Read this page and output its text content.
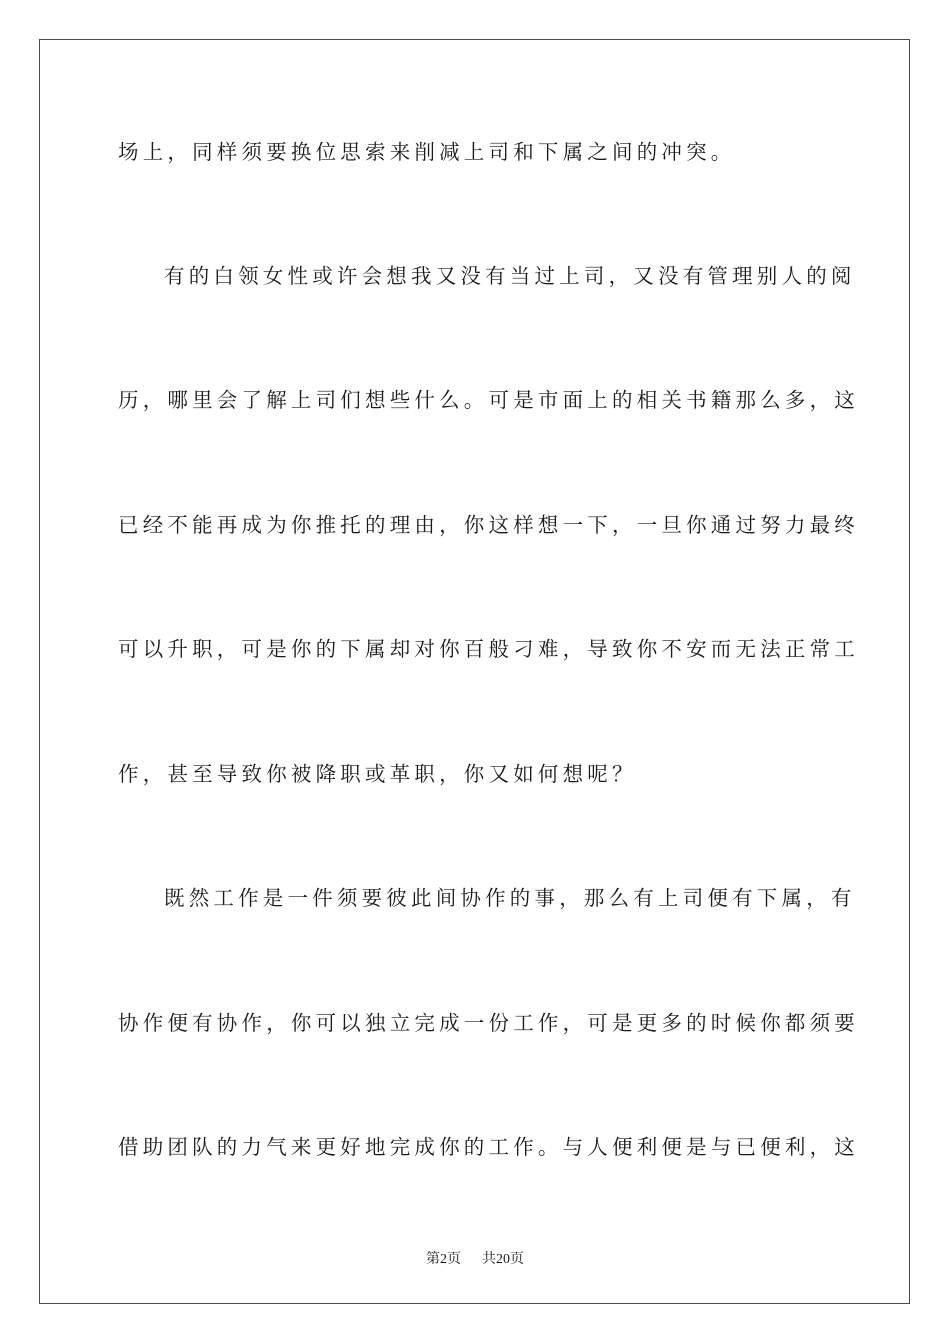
场上，同样须要换位思索来削减上司和下属之间的冲突。

有的白领女性或许会想我又没有当过上司，又没有管理别人的阅

历，哪里会了解上司们想些什么。可是市面上的相关书籍那么多，这

已经不能再成为你推托的理由，你这样想一下，一旦你通过努力最终

可以升职，可是你的下属却对你百般刁难，导致你不安而无法正常工

作，甚至导致你被降职或革职，你又如何想呢？

既然工作是一件须要彼此间协作的事，那么有上司便有下属，有

协作便有协作，你可以独立完成一份工作，可是更多的时候你都须要

借助团队的力气来更好地完成你的工作。与人便利便是与已便利，这

第2页 共20页
